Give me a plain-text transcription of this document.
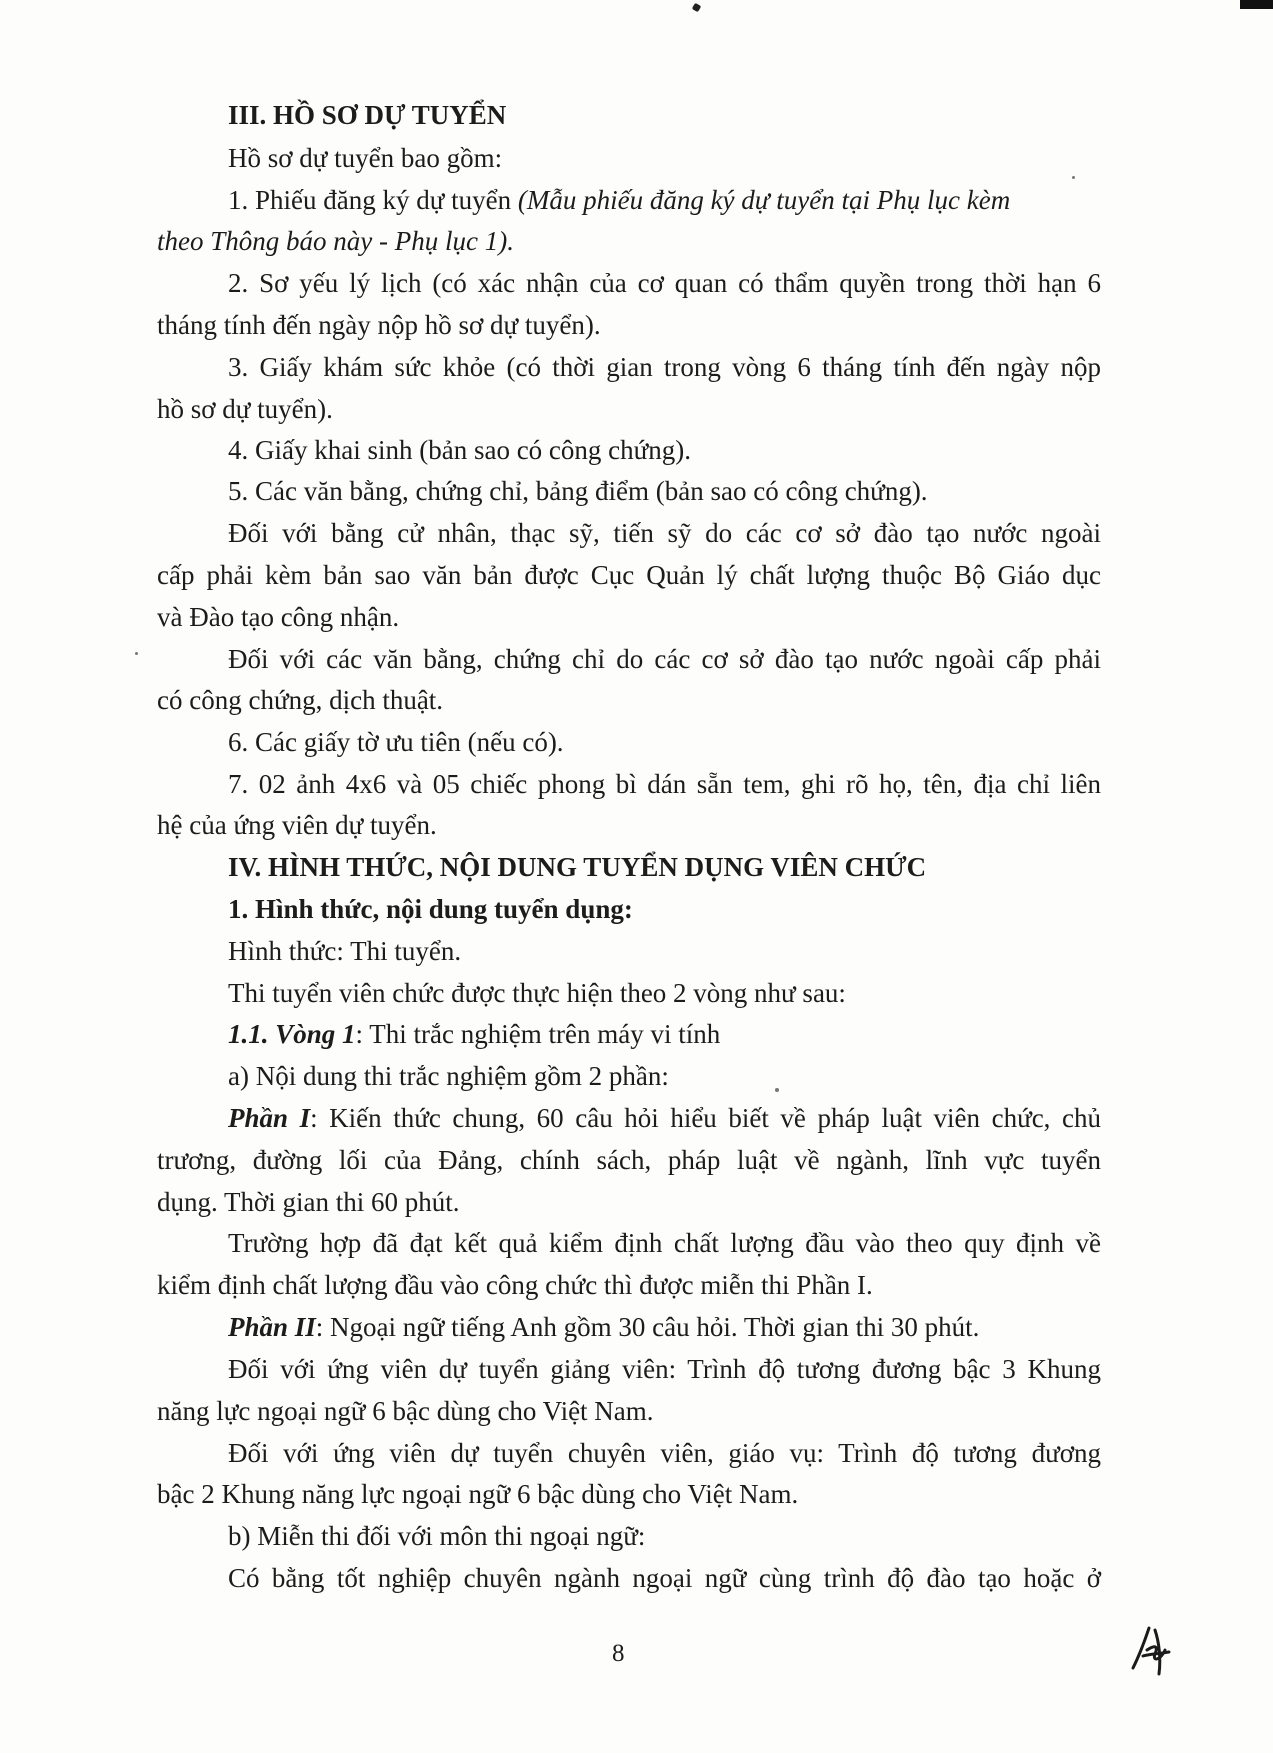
III. HỒ SƠ DỰ TUYỂN
Hồ sơ dự tuyển bao gồm:
1. Phiếu đăng ký dự tuyển (Mẫu phiếu đăng ký dự tuyển tại Phụ lục kèm
theo Thông báo này - Phụ lục 1).
2. Sơ yếu lý lịch (có xác nhận của cơ quan có thẩm quyền trong thời hạn 6
tháng tính đến ngày nộp hồ sơ dự tuyển).
3. Giấy khám sức khỏe (có thời gian trong vòng 6 tháng tính đến ngày nộp
hồ sơ dự tuyển).
4. Giấy khai sinh (bản sao có công chứng).
5. Các văn bằng, chứng chỉ, bảng điểm (bản sao có công chứng).
Đối với bằng cử nhân, thạc sỹ, tiến sỹ do các cơ sở đào tạo nước ngoài
cấp phải kèm bản sao văn bản được Cục Quản lý chất lượng thuộc Bộ Giáo dục
và Đào tạo công nhận.
Đối với các văn bằng, chứng chỉ do các cơ sở đào tạo nước ngoài cấp phải
có công chứng, dịch thuật.
6. Các giấy tờ ưu tiên (nếu có).
7. 02 ảnh 4x6 và 05 chiếc phong bì dán sẵn tem, ghi rõ họ, tên, địa chỉ liên
hệ của ứng viên dự tuyển.
IV. HÌNH THỨC, NỘI DUNG TUYỂN DỤNG VIÊN CHỨC
1. Hình thức, nội dung tuyển dụng:
Hình thức: Thi tuyển.
Thi tuyển viên chức được thực hiện theo 2 vòng như sau:
1.1. Vòng 1: Thi trắc nghiệm trên máy vi tính
a) Nội dung thi trắc nghiệm gồm 2 phần:
Phần I: Kiến thức chung, 60 câu hỏi hiểu biết về pháp luật viên chức, chủ
trương, đường lối của Đảng, chính sách, pháp luật về ngành, lĩnh vực tuyển
dụng. Thời gian thi 60 phút.
Trường hợp đã đạt kết quả kiểm định chất lượng đầu vào theo quy định về
kiểm định chất lượng đầu vào công chức thì được miễn thi Phần I.
Phần II: Ngoại ngữ tiếng Anh gồm 30 câu hỏi. Thời gian thi 30 phút.
Đối với ứng viên dự tuyển giảng viên: Trình độ tương đương bậc 3 Khung
năng lực ngoại ngữ 6 bậc dùng cho Việt Nam.
Đối với ứng viên dự tuyển chuyên viên, giáo vụ: Trình độ tương đương
bậc 2 Khung năng lực ngoại ngữ 6 bậc dùng cho Việt Nam.
b) Miễn thi đối với môn thi ngoại ngữ:
Có bằng tốt nghiệp chuyên ngành ngoại ngữ cùng trình độ đào tạo hoặc ở
8
